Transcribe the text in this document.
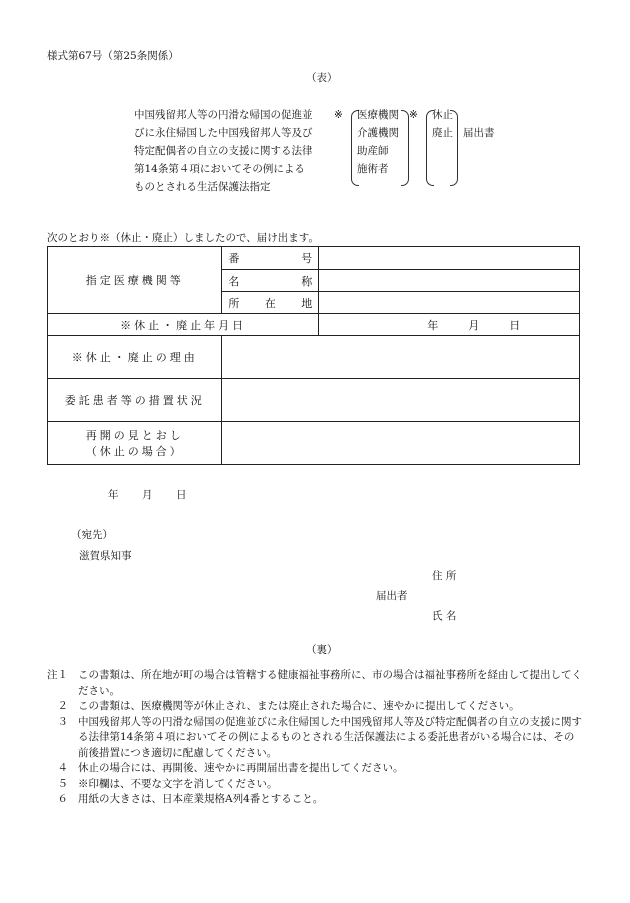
様式第67号（第25条関係）
（表）
中国残留邦人等の円滑な帰国の促進並
びに永住帰国した中国残留邦人等及び
特定配偶者の自立の支援に関する法律
第14条第４項においてその例による
ものとされる生活保護法指定
※ 医療機関
介護機関
助産師
施術者
※ 休止
廃止 届出書
次のとおり※（休止・廃止）しましたので、届け出ます。
指定医療機関等	番 号	

	名 称	

	所 在 地	

※休止・廃止年月日		年 月 日

※休止・廃止の理由		
委託患者等の措置状況		

再開の見とおし
（休止の場合）		

年 月 日
（宛先）
滋賀県知事
住 所
届出者
氏 名
（裏）
注１ この書類は、所在地が町の場合は管轄する健康福祉事務所に、市の場合は福祉事務所を経由して提出してください。
２ この書類は、医療機関等が休止され、または廃止された場合に、速やかに提出してください。
３ 中国残留邦人等の円滑な帰国の促進並びに永住帰国した中国残留邦人等及び特定配偶者の自立の支援に関する法律第14条第４項においてその例によるものとされる生活保護法による委託患者がいる場合には、その前後措置につき適切に配慮してください。
４ 休止の場合には、再開後、速やかに再開届出書を提出してください。
５ ※印欄は、不要な文字を消してください。
６ 用紙の大きさは、日本産業規格A列4番とすること。
